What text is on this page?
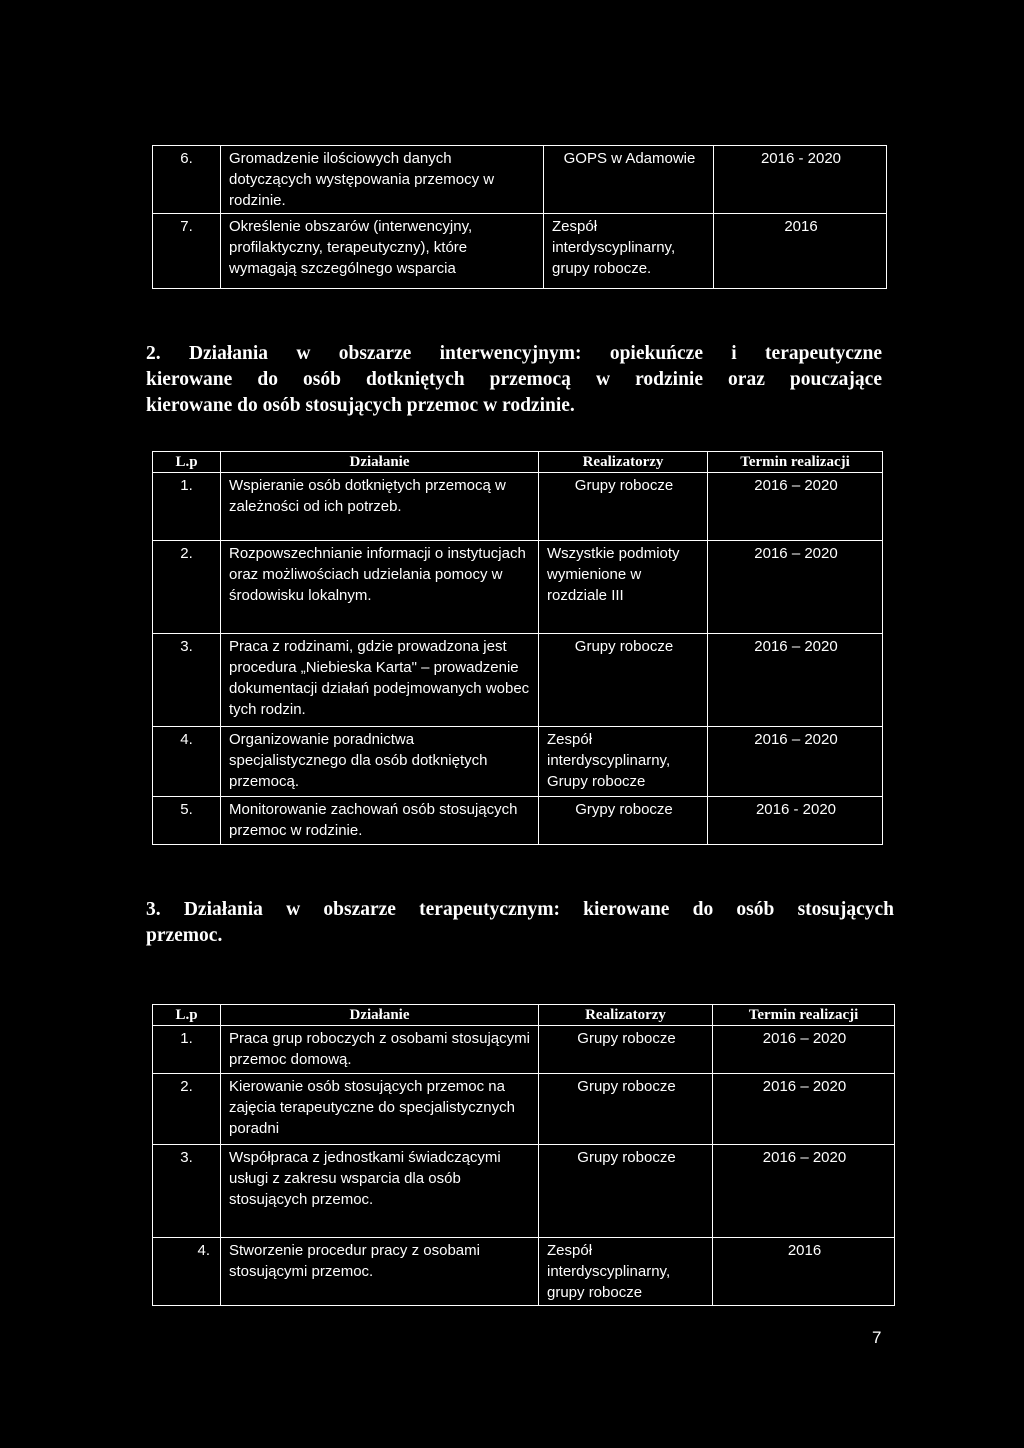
6.	Gromadzenie ilościowych danych dotyczących występowania przemocy w rodzinie.	GOPS w Adamowie	2016 - 2020
7.	Określenie obszarów (interwencyjny, profilaktyczny, terapeutyczny), które wymagają szczególnego wsparcia	Zespół interdyscyplinarny, grupy robocze.	2016
2. Działania w obszarze interwencyjnym: opiekuńcze i terapeutyczne
kierowane do osób dotkniętych przemocą w rodzinie oraz pouczające
kierowane do osób stosujących przemoc w rodzinie.
L.p	Działanie	Realizatorzy	Termin realizacji
1.	Wspieranie osób dotkniętych przemocą w zależności od ich potrzeb.	Grupy robocze	2016 – 2020
2.	Rozpowszechnianie informacji o instytucjach oraz możliwościach udzielania pomocy w środowisku lokalnym.	Wszystkie podmioty wymienione w rozdziale III	2016 – 2020
3.	Praca z rodzinami, gdzie prowadzona jest procedura „Niebieska Karta" – prowadzenie dokumentacji działań podejmowanych wobec tych rodzin.	Grupy robocze	2016 – 2020
4.	Organizowanie poradnictwa specjalistycznego dla osób dotkniętych przemocą.	Zespół interdyscyplinarny, Grupy robocze	2016 – 2020
5.	Monitorowanie zachowań osób stosujących przemoc w rodzinie.	Grypy robocze	2016 - 2020
3. Działania w obszarze terapeutycznym: kierowane do osób stosujących
przemoc.
L.p	Działanie	Realizatorzy	Termin realizacji
1.	Praca grup roboczych z osobami stosującymi przemoc domową.	Grupy robocze	2016 – 2020
2.	Kierowanie osób stosujących przemoc na zajęcia terapeutyczne do specjalistycznych poradni	Grupy robocze	2016 – 2020
3.	Współpraca z jednostkami świadczącymi usługi z zakresu wsparcia dla osób stosujących przemoc.	Grupy robocze	2016 – 2020
4.	Stworzenie procedur pracy z osobami stosującymi przemoc.	Zespół interdyscyplinarny, grupy robocze	2016
7
